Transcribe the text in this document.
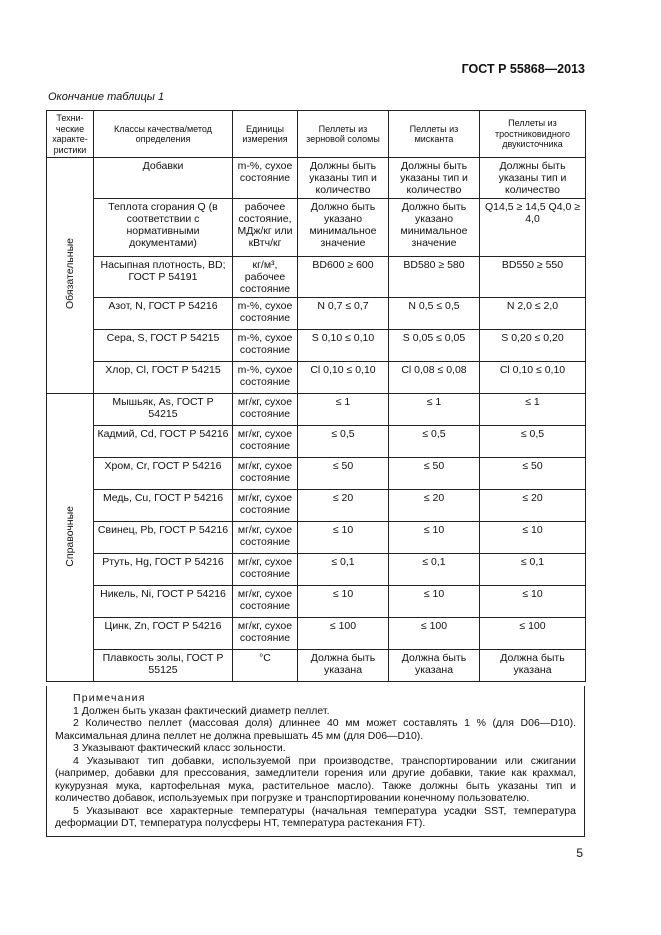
ГОСТ Р 55868—2013
Окончание таблицы 1
Техни-ческие характе-ристики	Классы качества/метод определения	Единицы измерения	Пеллеты из зерновой соломы	Пеллеты из мисканта	Пеллеты из тростниковидного двукисточника
Обязательные	Добавки	m-%, сухое состояние	Должны быть указаны тип и количество	Должны быть указаны тип и количество	Должны быть указаны тип и количество
	Теплота сгорания Q (в соответствии с нормативными документами)	рабочее состояние, МДж/кг или кВтч/кг	Должно быть указано минимальное значение	Должно быть указано минимальное значение	Q14,5 ≥ 14,5 Q4,0 ≥ 4,0
	Насыпная плотность, BD; ГОСТ Р 54191	кг/м³, рабочее состояние	BD600 ≥ 600	BD580 ≥ 580	BD550 ≥ 550
	Азот, N, ГОСТ Р 54216	m-%, сухое состояние	N 0,7 ≤ 0,7	N 0,5 ≤ 0,5	N 2,0 ≤ 2,0
	Сера, S, ГОСТ Р 54215	m-%, сухое состояние	S 0,10 ≤ 0,10	S 0,05 ≤ 0,05	S 0,20 ≤ 0,20
	Хлор, Cl, ГОСТ Р 54215	m-%, сухое состояние	Cl 0,10 ≤ 0,10	Cl 0,08 ≤ 0,08	Cl 0,10 ≤ 0,10
Справочные	Мышьяк, As, ГОСТ Р 54215	мг/кг, сухое состояние	≤ 1	≤ 1	≤ 1
	Кадмий, Cd, ГОСТ Р 54216	мг/кг, сухое состояние	≤ 0,5	≤ 0,5	≤ 0,5
	Хром, Cr, ГОСТ Р 54216	мг/кг, сухое состояние	≤ 50	≤ 50	≤ 50
	Медь, Cu, ГОСТ Р 54216	мг/кг, сухое состояние	≤ 20	≤ 20	≤ 20
	Свинец, Pb, ГОСТ Р 54216	мг/кг, сухое состояние	≤ 10	≤ 10	≤ 10
	Ртуть, Hg, ГОСТ Р 54216	мг/кг, сухое состояние	≤ 0,1	≤ 0,1	≤ 0,1
	Никель, Ni, ГОСТ Р 54216	мг/кг, сухое состояние	≤ 10	≤ 10	≤ 10
	Цинк, Zn, ГОСТ Р 54216	мг/кг, сухое состояние	≤ 100	≤ 100	≤ 100
	Плавкость золы, ГОСТ Р 55125	°С	Должна быть указана	Должна быть указана	Должна быть указана
Примечания

1 Должен быть указан фактический диаметр пеллет.

2 Количество пеллет (массовая доля) длиннее 40 мм может составлять 1 % (для D06—D10). Максимальная длина пеллет не должна превышать 45 мм (для D06—D10).

3 Указывают фактический класс зольности.

4 Указывают тип добавки, используемой при производстве, транспортировании или сжигании (например, добавки для прессования, замедлители горения или другие добавки, такие как крахмал, кукурузная мука, картофельная мука, растительное масло). Также должны быть указаны тип и количество добавок, используемых при погрузке и транспортировании конечному пользователю.

5 Указывают все характерные температуры (начальная температура усадки SST, температура деформации DT, температура полусферы HT, температура растекания FT).

5
